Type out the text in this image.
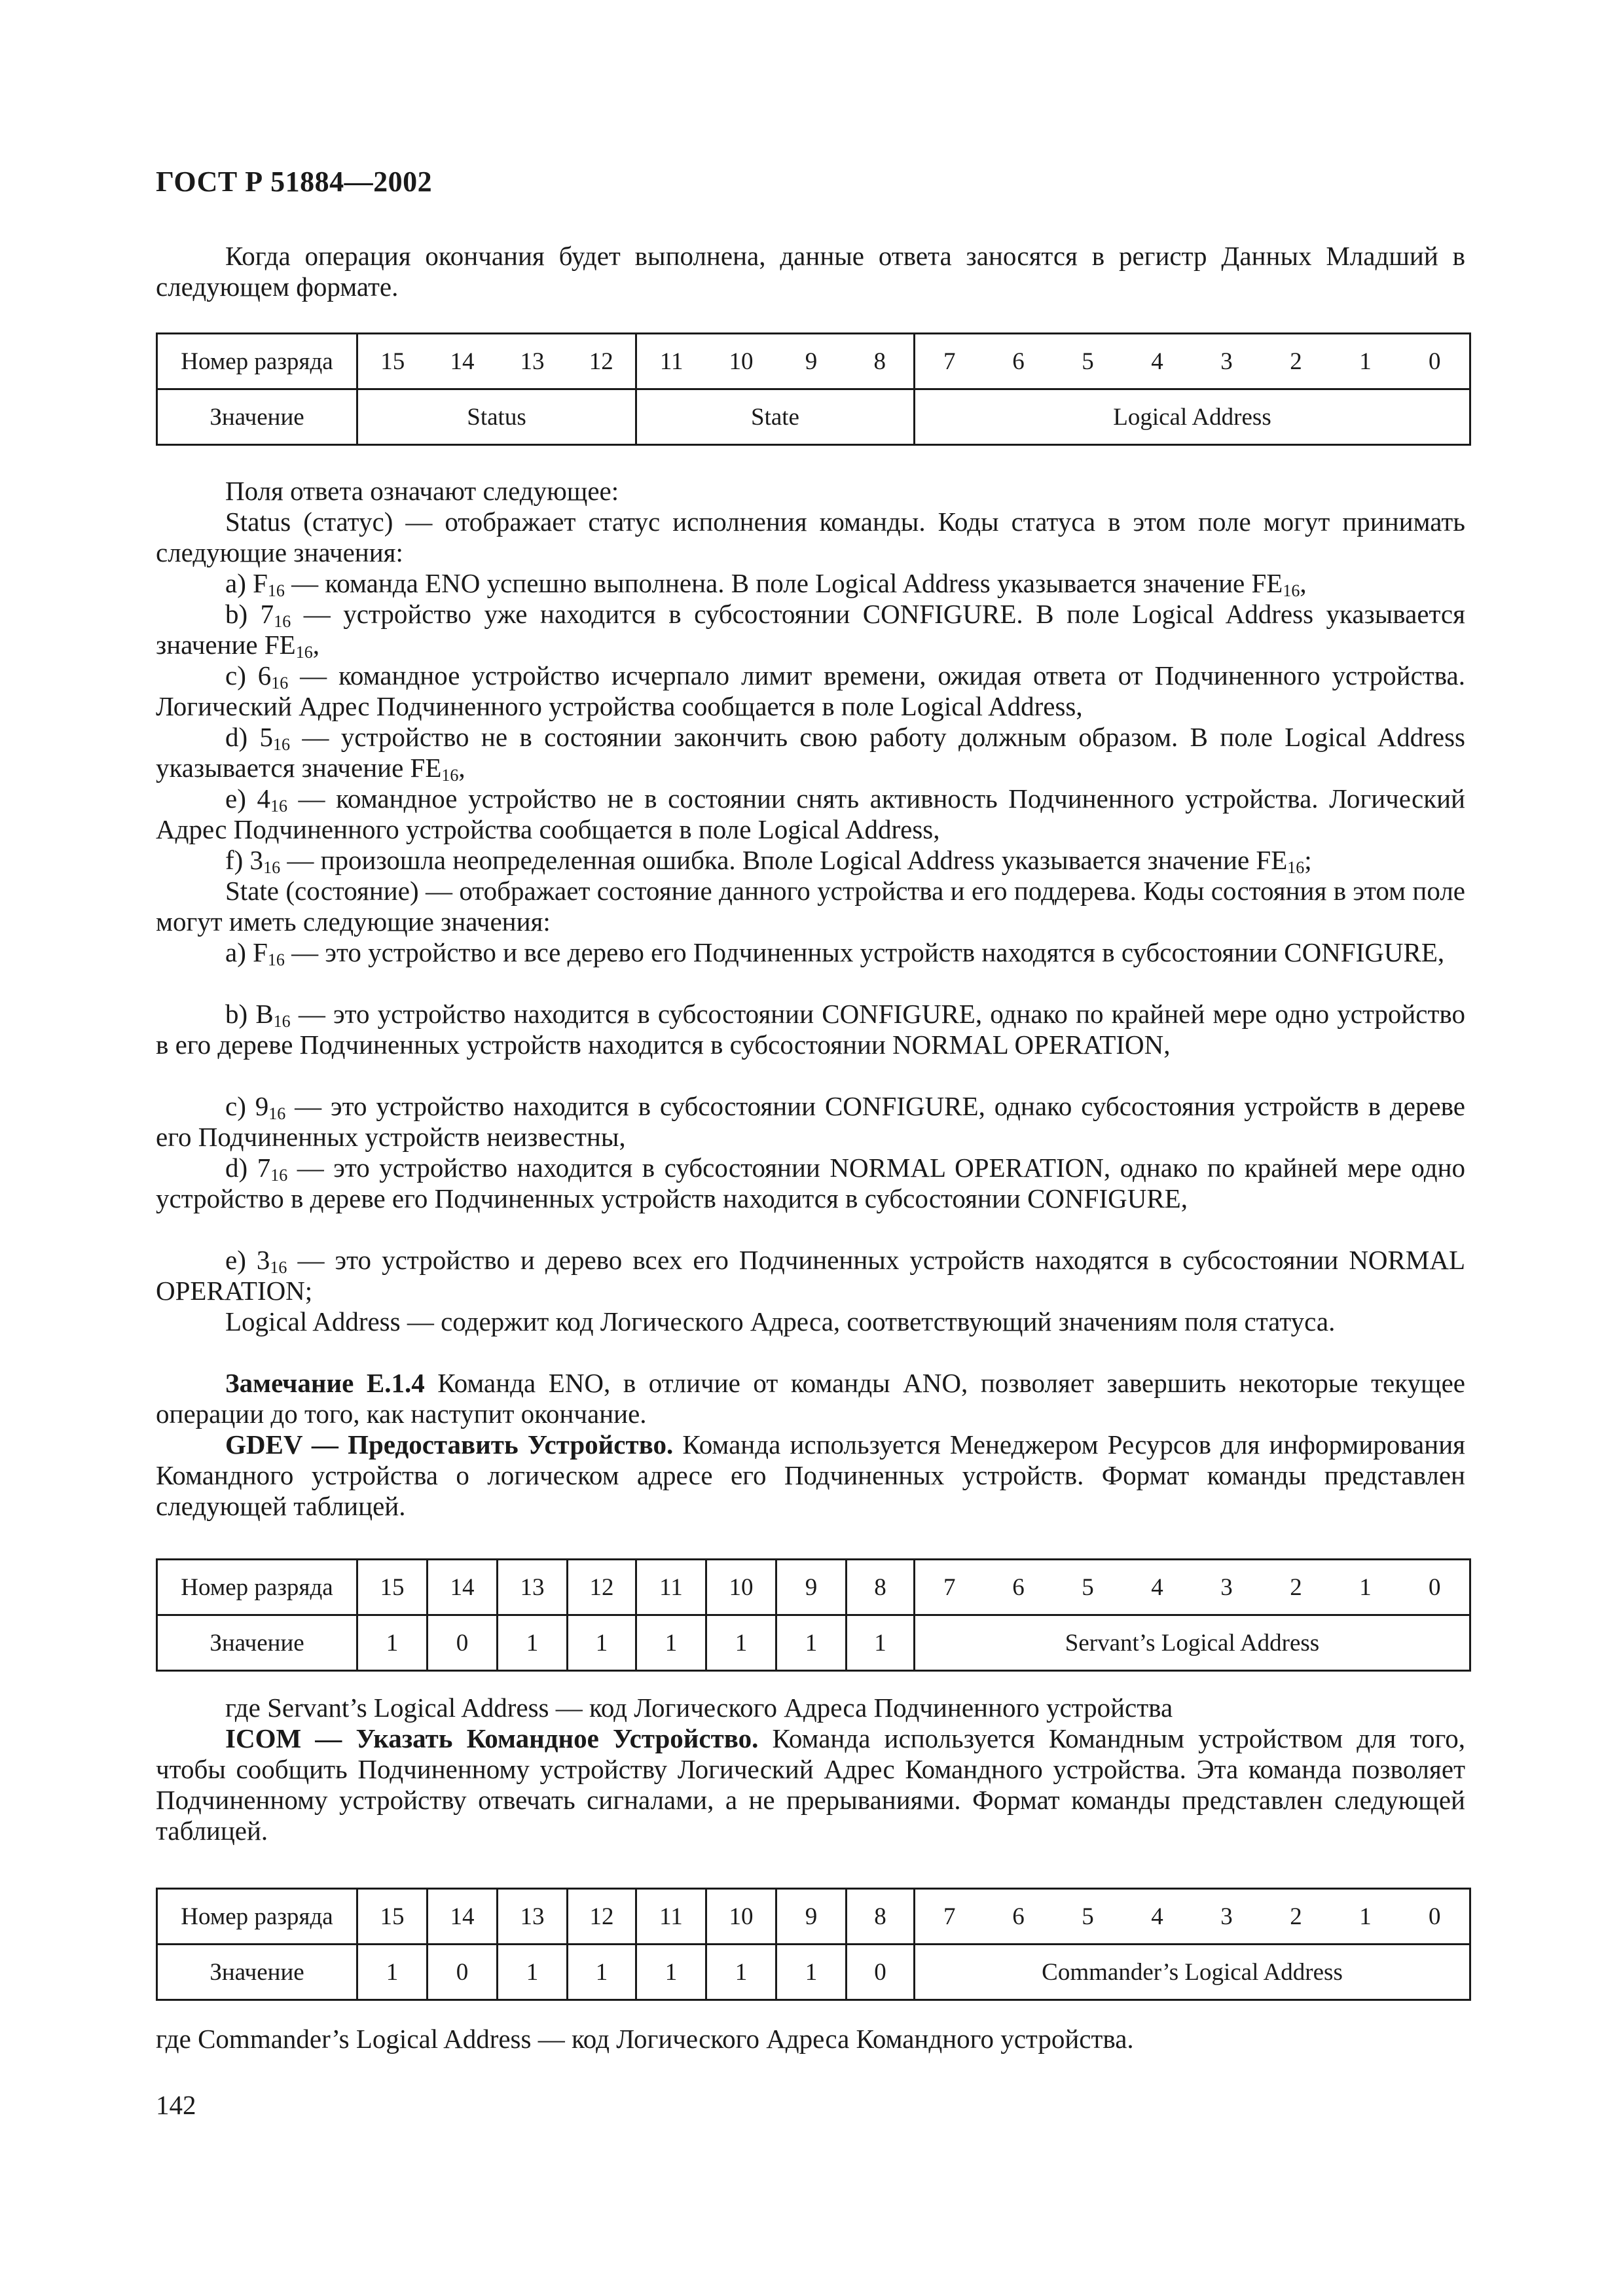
ГОСТ Р 51884—2002
Когда операция окончания будет выполнена, данные ответа заносятся в регистр Данных Младший в следующем формате.
Номер разряда	15	14	13	12	11	10	9	8	7	6	5	4	3	2	1	0
Значение	Status				State				Logical Address							
Поля ответа означают следующее:
Status (статус) — отображает статус исполнения команды. Коды статуса в этом поле могут принимать следующие значения:
a) $F_{16}$ — команда ENO успешно выполнена. В поле Logical Address указывается значение $FE_{16}$,
b) $7_{16}$ — устройство уже находится в субсостоянии CONFIGURE. В поле Logical Address указывается значение $FE_{16}$,
c) $6_{16}$ — командное устройство исчерпало лимит времени, ожидая ответа от Подчиненного устройства. Логический Адрес Подчиненного устройства сообщается в поле Logical Address,
d) $5_{16}$ — устройство не в состоянии закончить свою работу должным образом. В поле Logical Address указывается значение $FE_{16}$,
e) $4_{16}$ — командное устройство не в состоянии снять активность Подчиненного устройства. Логический Адрес Подчиненного устройства сообщается в поле Logical Address,
f) $3_{16}$ — произошла неопределенная ошибка. Вполе Logical Address указывается значение $FE_{16}$;
State (состояние) — отображает состояние данного устройства и его поддерева. Коды состояния в этом поле могут иметь следующие значения:
a) $F_{16}$ — это устройство и все дерево его Подчиненных устройств находятся в субсостоянии CONFIGURE,
b) $B_{16}$ — это устройство находится в субсостоянии CONFIGURE, однако по крайней мере одно устройство в его дереве Подчиненных устройств находится в субсостоянии NORMAL OPERATION,
c) $9_{16}$ — это устройство находится в субсостоянии CONFIGURE, однако субсостояния устройств в дереве его Подчиненных устройств неизвестны,
d) $7_{16}$ — это устройство находится в субсостоянии NORMAL OPERATION, однако по крайней мере одно устройство в дереве его Подчиненных устройств находится в субсостоянии CONFIGURE,
e) $3_{16}$ — это устройство и дерево всех его Подчиненных устройств находятся в субсостоянии NORMAL OPERATION;
Logical Address — содержит код Логического Адреса, соответствующий значениям поля статуса.
Замечание Е.1.4 Команда ENO, в отличие от команды ANO, позволяет завершить некоторые текущее операции до того, как наступит окончание.
GDEV — Предоставить Устройство. Команда используется Менеджером Ресурсов для информирования Командного устройства о логическом адресе его Подчиненных устройств. Формат команды представлен следующей таблицей.
Номер разряда	15	14	13	12	11	10	9	8	7	6	5	4	3	2	1	0
Значение	1	0	1	1	1	1	1	1	Servant’s Logical Address							
где Servant’s Logical Address — код Логического Адреса Подчиненного устройства
ICOM — Указать Командное Устройство. Команда используется Командным устройством для того, чтобы сообщить Подчиненному устройству Логический Адрес Командного устройства. Эта команда позволяет Подчиненному устройству отвечать сигналами, а не прерываниями. Формат команды представлен следующей таблицей.
Номер разряда	15	14	13	12	11	10	9	8	7	6	5	4	3	2	1	0
Значение	1	0	1	1	1	1	1	0	Commander’s Logical Address							
где Commander’s Logical Address — код Логического Адреса Командного устройства.
142
